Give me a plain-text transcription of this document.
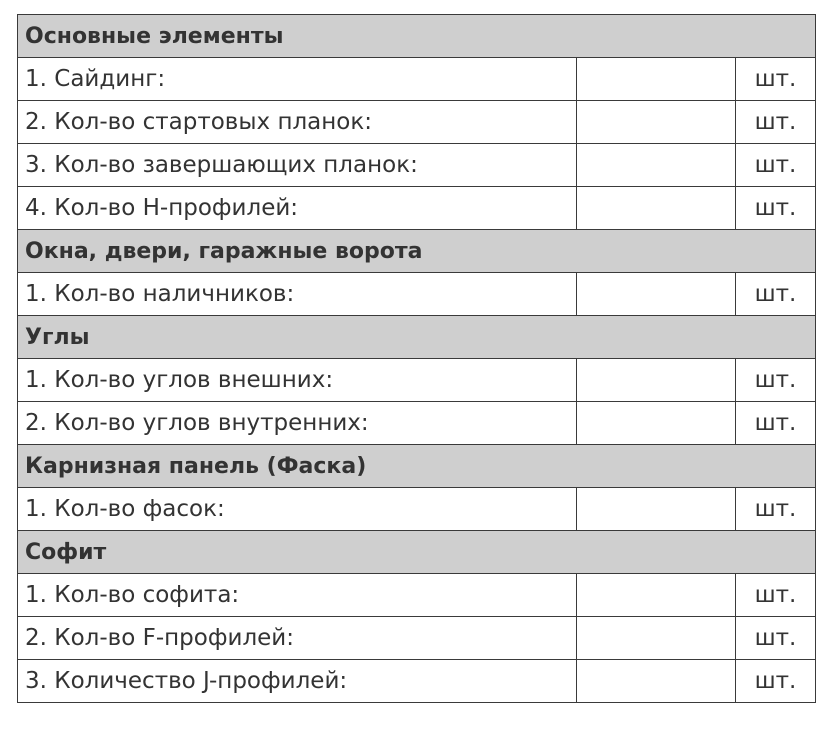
Основные элементы		
1. Сайдинг:		шт.
2. Кол-во стартовых планок:		шт.
3. Кол-во завершающих планок:		шт.
4. Кол-во H-профилей:		шт.
Окна, двери, гаражные ворота		
1. Кол-во наличников:		шт.
Углы		
1. Кол-во углов внешних:		шт.
2. Кол-во углов внутренних:		шт.
Карнизная панель (Фаска)		
1. Кол-во фасок:		шт.
Софит		
1. Кол-во софита:		шт.
2. Кол-во F-профилей:		шт.
3. Количество J-профилей:		шт.
